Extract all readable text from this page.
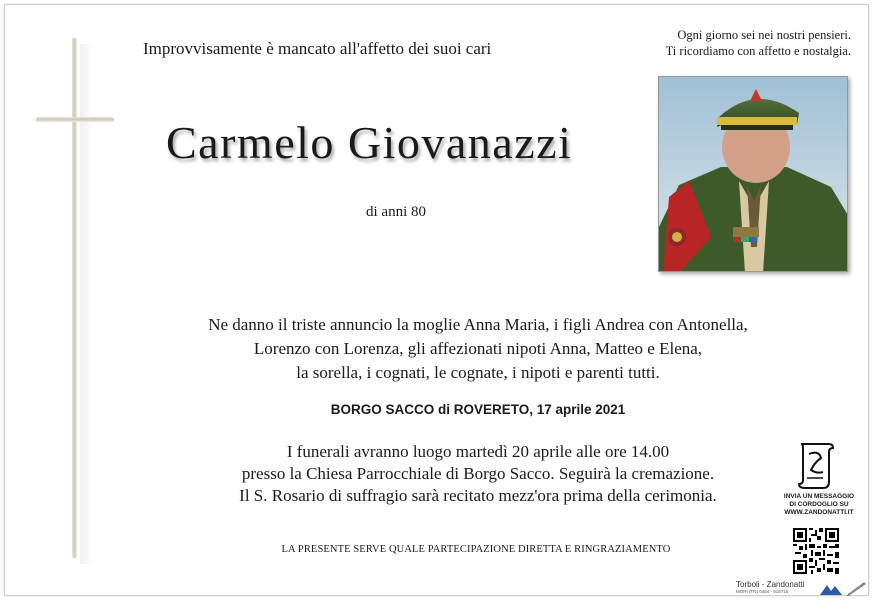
Improvvisamente è mancato all'affetto dei suoi cari
Ogni giorno sei nei nostri pensieri.
Ti ricordiamo con affetto e nostalgia.
Carmelo Giovanazzi
di anni 80
Ne danno il triste annuncio la moglie Anna Maria, i figli Andrea con Antonella,
Lorenzo con Lorenza, gli affezionati nipoti Anna, Matteo e Elena,
la sorella, i cognati, le cognate, i nipoti e parenti tutti.
BORGO SACCO di ROVERETO, 17 aprile 2021
I funerali avranno luogo martedì 20 aprile alle ore 14.00
presso la Chiesa Parrocchiale di Borgo Sacco. Seguirà la cremazione.
Il S. Rosario di suffragio sarà recitato mezz'ora prima della cerimonia.
LA PRESENTE SERVE QUALE PARTECIPAZIONE DIRETTA E RINGRAZIAMENTO
INVIA UN MESSAGGIO
DI CORDOGLIO SU
WWW.ZANDONATTI.IT
Torboli - Zandonatti
MORI (TN) 0464 - 918715
